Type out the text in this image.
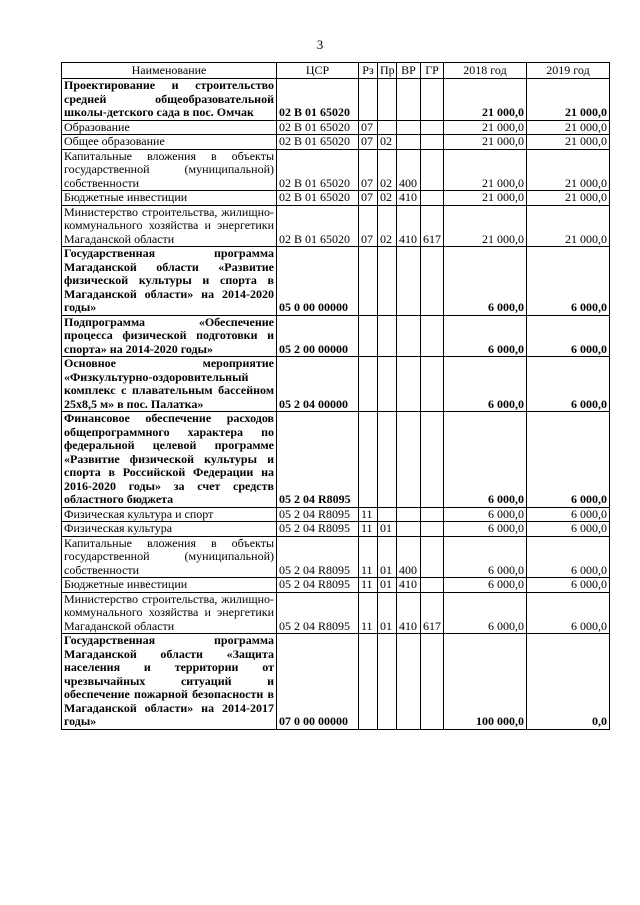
3
Наименование	ЦСР	Рз	Пр	ВР	ГР	2018 год	2019 год
Проектирование и строительство средней общеобразовательной школы-детского сада в пос. Омчак	02 В 01 65020					21 000,0	21 000,0
Образование	02 В 01 65020	07				21 000,0	21 000,0
Общее образование	02 В 01 65020	07	02			21 000,0	21 000,0
Капитальные вложения в объекты государственной (муниципальной) собственности	02 В 01 65020	07	02	400		21 000,0	21 000,0
Бюджетные инвестиции	02 В 01 65020	07	02	410		21 000,0	21 000,0
Министерство строительства, жилищно-коммунального хозяйства и энергетики Магаданской области	02 В 01 65020	07	02	410	617	21 000,0	21 000,0
Государственная программа Магаданской области «Развитие физической культуры и спорта в Магаданской области» на 2014-2020 годы»	05 0 00 00000					6 000,0	6 000,0
Подпрограмма «Обеспечение процесса физической подготовки и спорта» на 2014-2020 годы»	05 2 00 00000					6 000,0	6 000,0
Основное мероприятие «Физкультурно-оздоровительный комплекс с плавательным бассейном 25х8,5 м» в пос. Палатка»	05 2 04 00000					6 000,0	6 000,0
Финансовое обеспечение расходов общепрограммного характера по федеральной целевой программе «Развитие физической культуры и спорта в Российской Федерации на 2016-2020 годы» за счет средств областного бюджета	05 2 04 R8095					6 000,0	6 000,0
Физическая культура и спорт	05 2 04 R8095	11				6 000,0	6 000,0
Физическая культура	05 2 04 R8095	11	01			6 000,0	6 000,0
Капитальные вложения в объекты государственной (муниципальной) собственности	05 2 04 R8095	11	01	400		6 000,0	6 000,0
Бюджетные инвестиции	05 2 04 R8095	11	01	410		6 000,0	6 000,0
Министерство строительства, жилищно-коммунального хозяйства и энергетики Магаданской области	05 2 04 R8095	11	01	410	617	6 000,0	6 000,0
Государственная программа Магаданской области «Защита населения и территории от чрезвычайных ситуаций и обеспечение пожарной безопасности в Магаданской области» на 2014-2017 годы»	07 0 00 00000					100 000,0	0,0
